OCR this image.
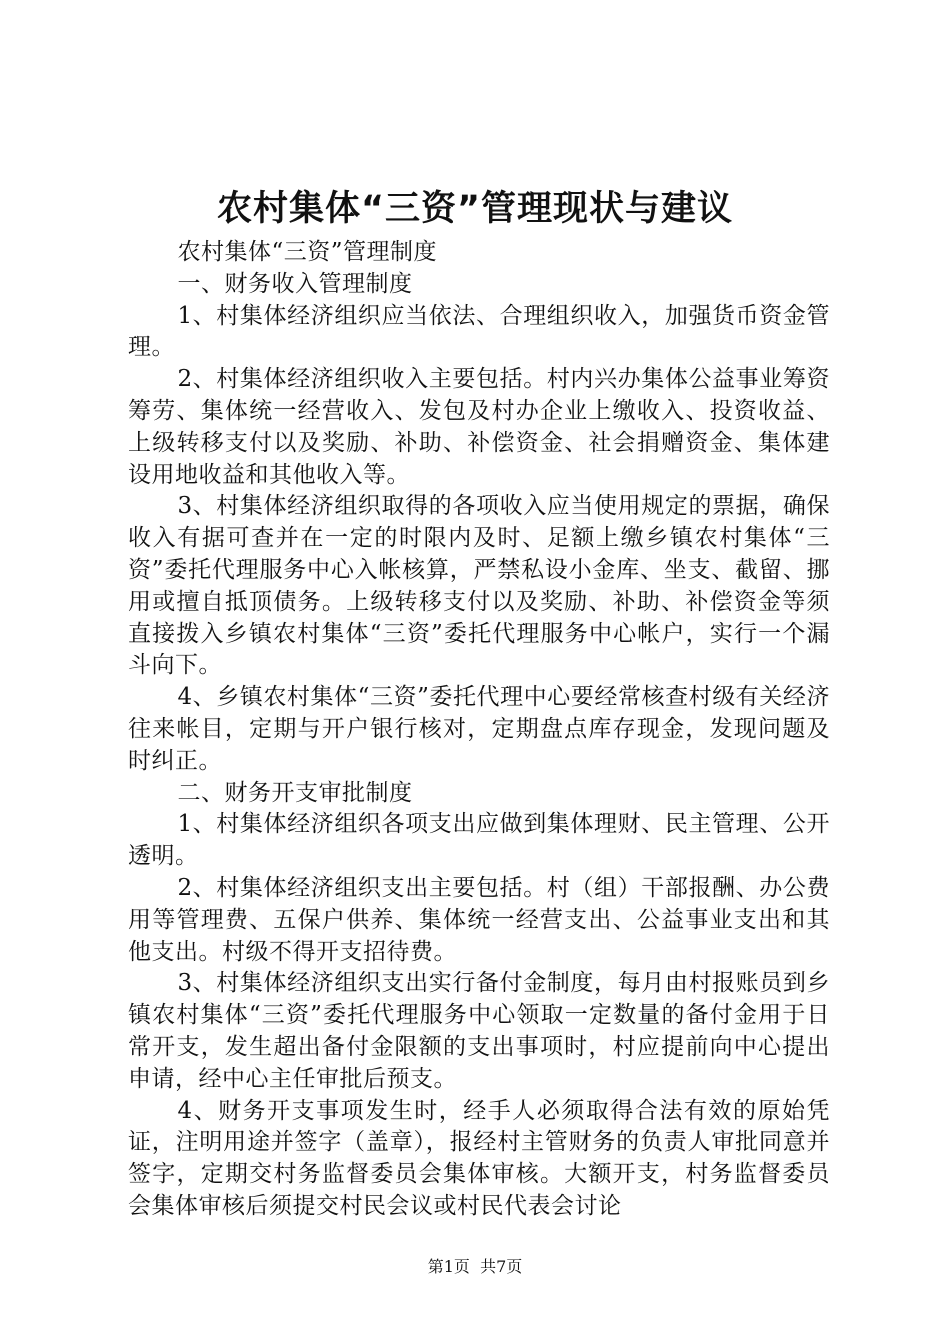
农村集体“三资”管理现状与建议

农村集体“三资”管理制度

一、财务收入管理制度

1、村集体经济组织应当依法、合理组织收入，加强货币资金管理。

2、村集体经济组织收入主要包括。村内兴办集体公益事业筹资筹劳、集体统一经营收入、发包及村办企业上缴收入、投资收益、上级转移支付以及奖励、补助、补偿资金、社会捐赠资金、集体建设用地收益和其他收入等。

3、村集体经济组织取得的各项收入应当使用规定的票据，确保收入有据可查并在一定的时限内及时、足额上缴乡镇农村集体“三资”委托代理服务中心入帐核算，严禁私设小金库、坐支、截留、挪用或擅自抵顶债务。上级转移支付以及奖励、补助、补偿资金等须直接拨入乡镇农村集体“三资”委托代理服务中心帐户，实行一个漏斗向下。

4、乡镇农村集体“三资”委托代理中心要经常核查村级有关经济往来帐目，定期与开户银行核对，定期盘点库存现金，发现问题及时纠正。

二、财务开支审批制度

1、村集体经济组织各项支出应做到集体理财、民主管理、公开透明。

2、村集体经济组织支出主要包括。村（组）干部报酬、办公费用等管理费、五保户供养、集体统一经营支出、公益事业支出和其他支出。村级不得开支招待费。

3、村集体经济组织支出实行备付金制度，每月由村报账员到乡镇农村集体“三资”委托代理服务中心领取一定数量的备付金用于日常开支，发生超出备付金限额的支出事项时，村应提前向中心提出申请，经中心主任审批后预支。

4、财务开支事项发生时，经手人必须取得合法有效的原始凭证，注明用途并签字（盖章），报经村主管财务的负责人审批同意并签字，定期交村务监督委员会集体审核。大额开支，村务监督委员会集体审核后须提交村民会议或村民代表会讨论

第1页 共7页
